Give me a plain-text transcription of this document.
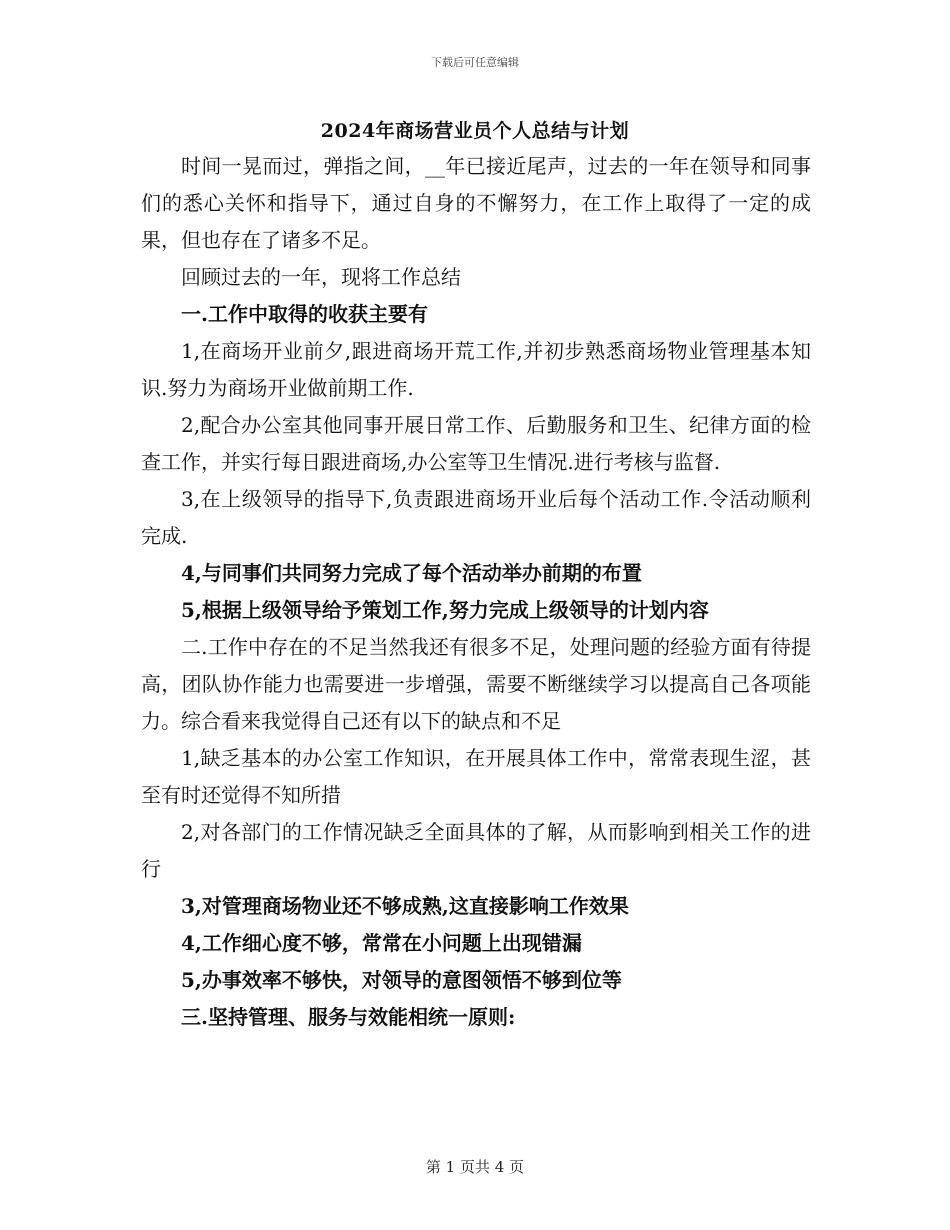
下载后可任意编辑
2024年商场营业员个人总结与计划

时间一晃而过，弹指之间，__年已接近尾声，过去的一年在领导和同事们的悉心关怀和指导下，通过自身的不懈努力，在工作上取得了一定的成果，但也存在了诸多不足。

回顾过去的一年，现将工作总结

一.工作中取得的收获主要有

1,在商场开业前夕,跟进商场开荒工作,并初步熟悉商场物业管理基本知识.努力为商场开业做前期工作.

2,配合办公室其他同事开展日常工作、后勤服务和卫生、纪律方面的检查工作，并实行每日跟进商场,办公室等卫生情况.进行考核与监督.

3,在上级领导的指导下,负责跟进商场开业后每个活动工作.令活动顺利完成.

4,与同事们共同努力完成了每个活动举办前期的布置

5,根据上级领导给予策划工作,努力完成上级领导的计划内容

二.工作中存在的不足当然我还有很多不足，处理问题的经验方面有待提高，团队协作能力也需要进一步增强，需要不断继续学习以提高自己各项能力。综合看来我觉得自己还有以下的缺点和不足

1,缺乏基本的办公室工作知识，在开展具体工作中，常常表现生涩，甚至有时还觉得不知所措

2,对各部门的工作情况缺乏全面具体的了解，从而影响到相关工作的进行

3,对管理商场物业还不够成熟,这直接影响工作效果

4,工作细心度不够，常常在小问题上出现错漏

5,办事效率不够快，对领导的意图领悟不够到位等

三.坚持管理、服务与效能相统一原则:

第 1 页共 4 页
